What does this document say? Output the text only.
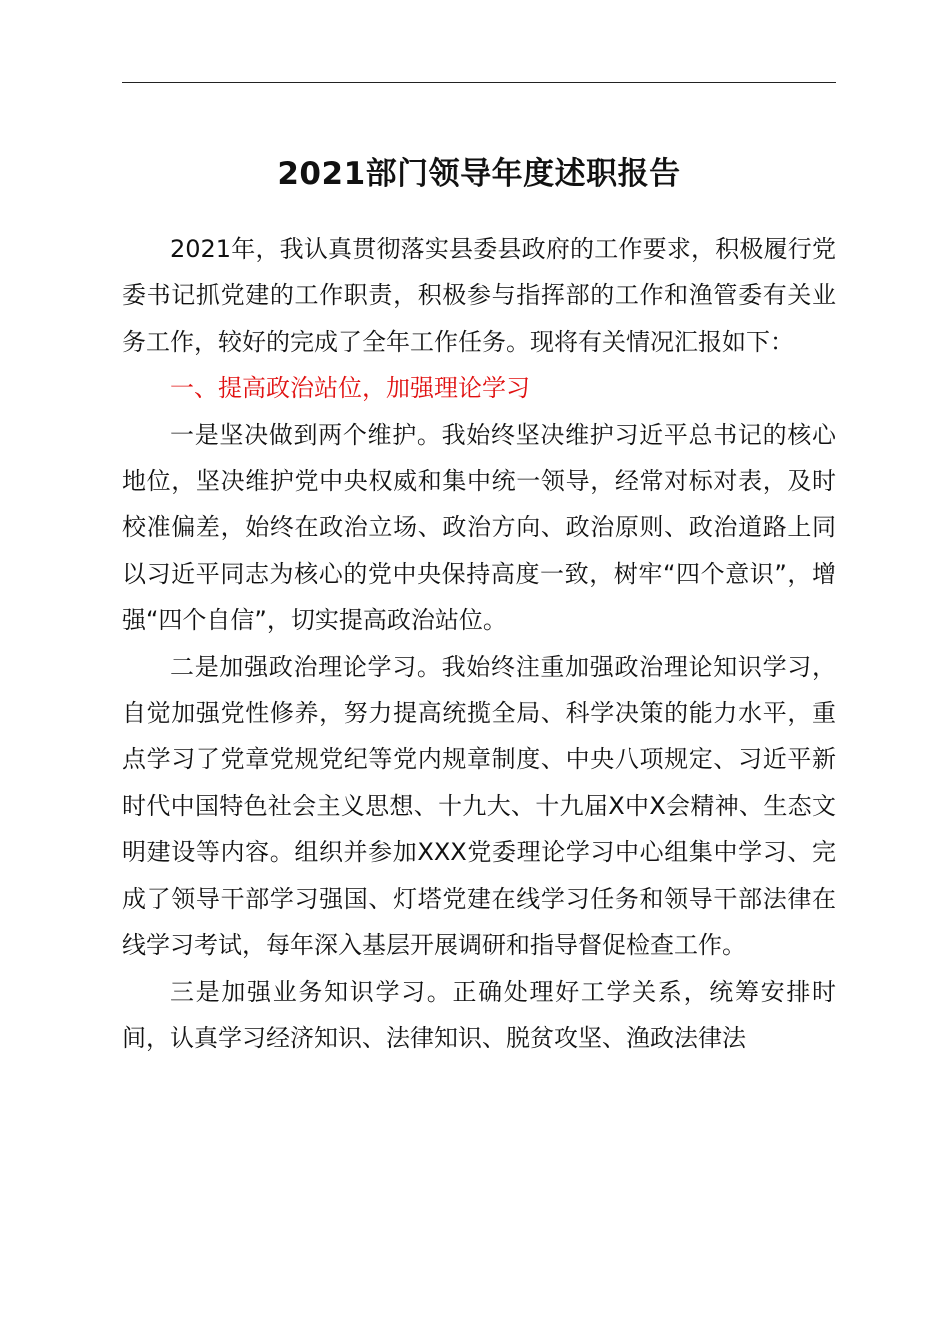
2021部门领导年度述职报告

2021年，我认真贯彻落实县委县政府的工作要求，积极履行党委书记抓党建的工作职责，积极参与指挥部的工作和渔管委有关业务工作，较好的完成了全年工作任务。现将有关情况汇报如下：

一、提高政治站位，加强理论学习

一是坚决做到两个维护。我始终坚决维护习近平总书记的核心地位，坚决维护党中央权威和集中统一领导，经常对标对表，及时校准偏差，始终在政治立场、政治方向、政治原则、政治道路上同以习近平同志为核心的党中央保持高度一致，树牢“四个意识”，增强“四个自信”，切实提高政治站位。

二是加强政治理论学习。我始终注重加强政治理论知识学习，自觉加强党性修养，努力提高统揽全局、科学决策的能力水平，重点学习了党章党规党纪等党内规章制度、中央八项规定、习近平新时代中国特色社会主义思想、十九大、十九届X中X会精神、生态文明建设等内容。组织并参加XXX党委理论学习中心组集中学习、完成了领导干部学习强国、灯塔党建在线学习任务和领导干部法律在线学习考试，每年深入基层开展调研和指导督促检查工作。

三是加强业务知识学习。正确处理好工学关系，统筹安排时间，认真学习经济知识、法律知识、脱贫攻坚、渔政法律法
